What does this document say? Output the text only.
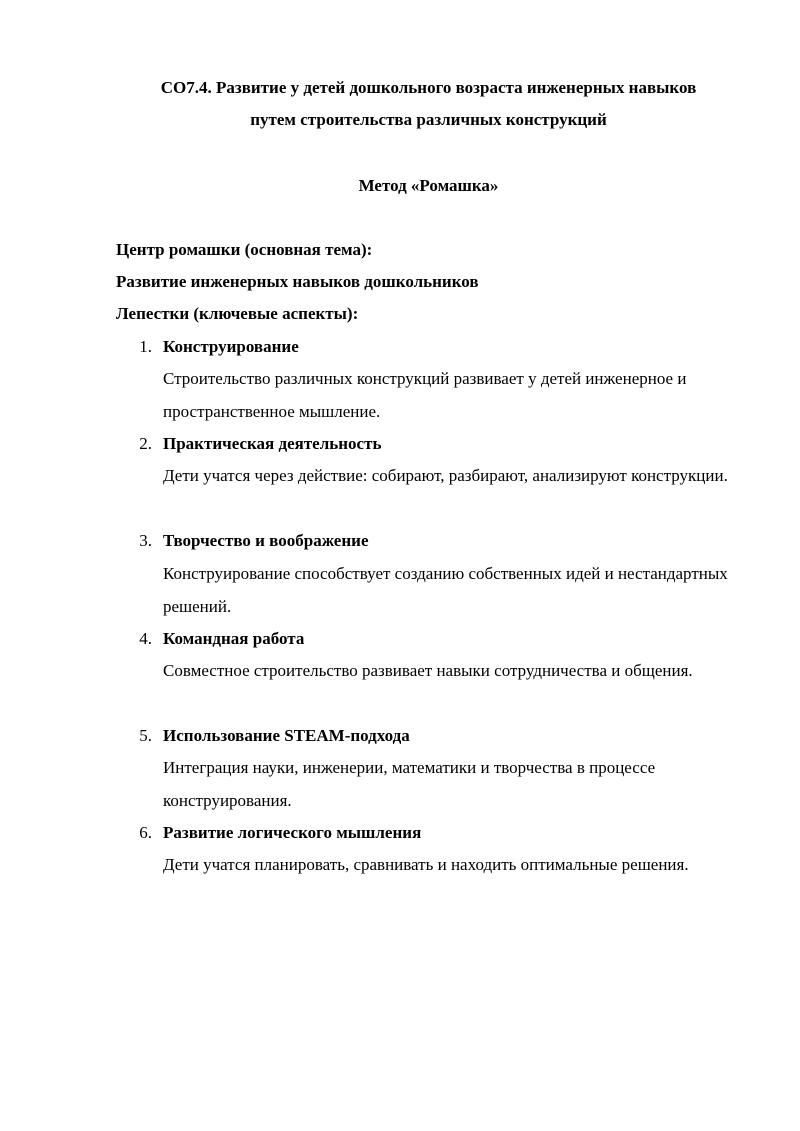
СО7.4. Развитие у детей дошкольного возраста инженерных навыков
путем строительства различных конструкций
Метод «Ромашка»
Центр ромашки (основная тема):
Развитие инженерных навыков дошкольников
Лепестки (ключевые аспекты):
1. Конструирование
Строительство различных конструкций развивает у детей инженерное и пространственное мышление.
2. Практическая деятельность
Дети учатся через действие: собирают, разбирают, анализируют конструкции.
3. Творчество и воображение
Конструирование способствует созданию собственных идей и нестандартных решений.
4. Командная работа
Совместное строительство развивает навыки сотрудничества и общения.
5. Использование STEAM-подхода
Интеграция науки, инженерии, математики и творчества в процессе конструирования.
6. Развитие логического мышления
Дети учатся планировать, сравнивать и находить оптимальные решения.
